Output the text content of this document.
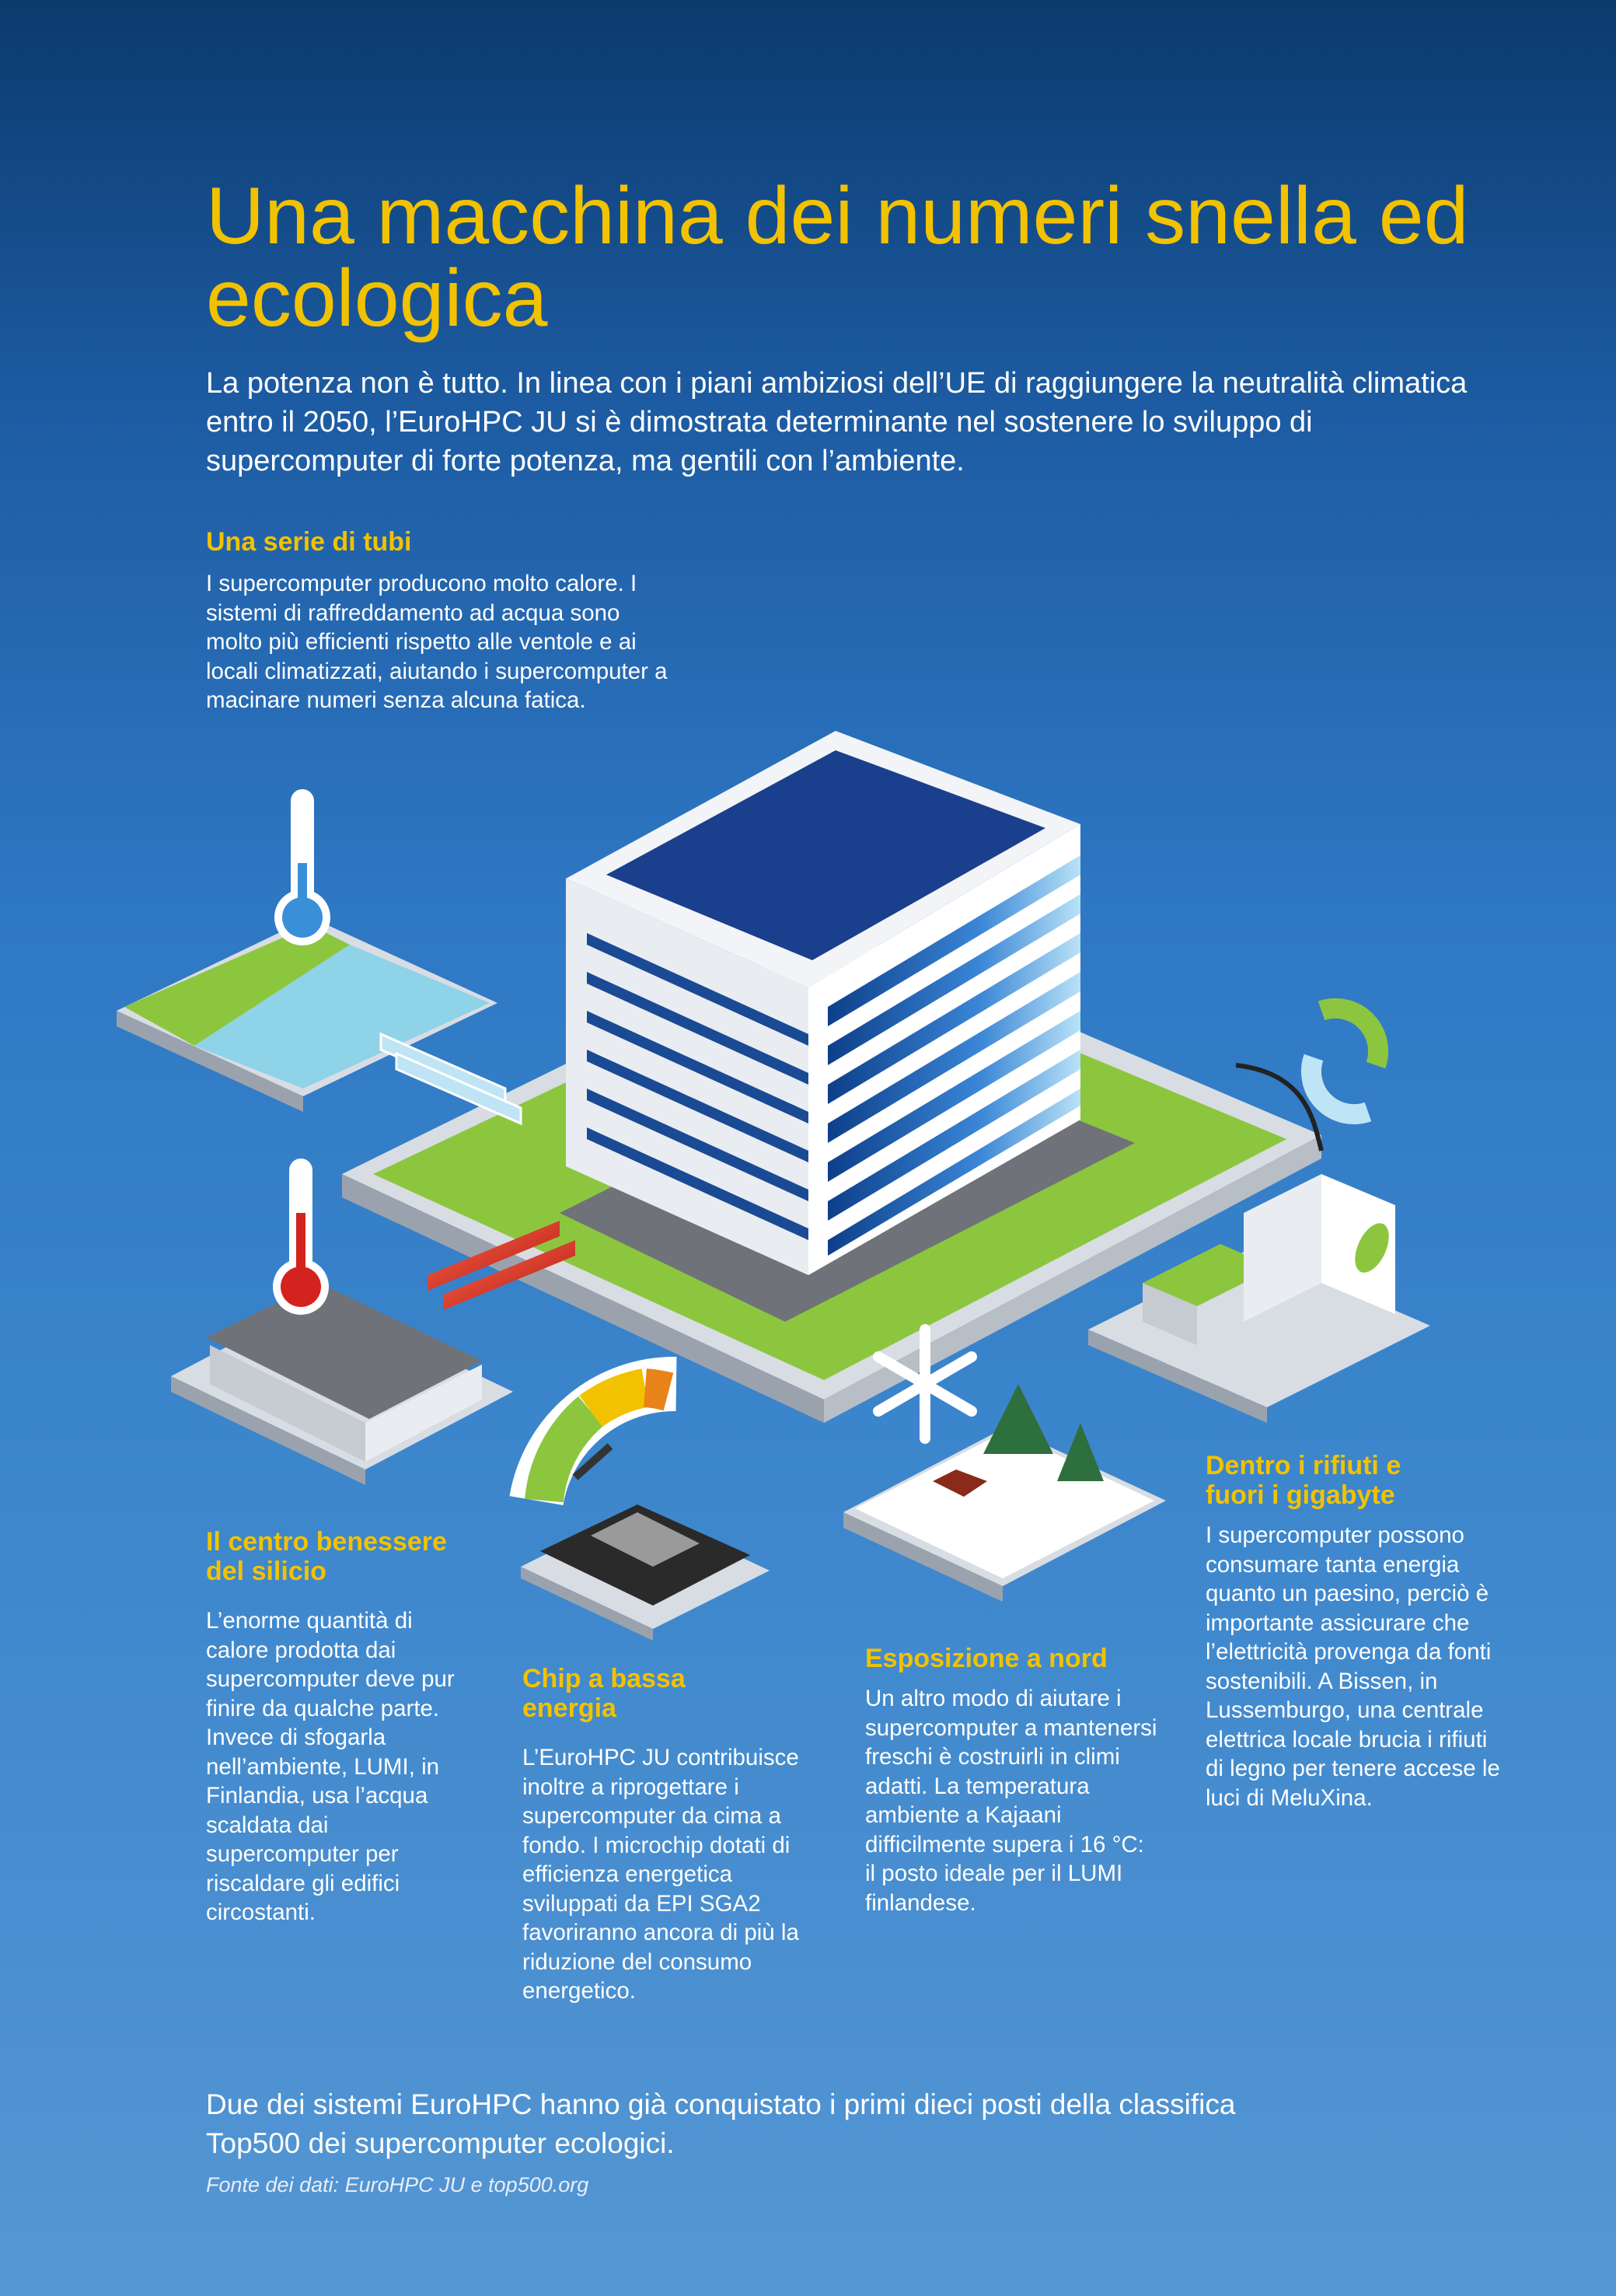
Una macchina dei numeri snella ed ecologica
La potenza non è tutto. In linea con i piani ambiziosi dell’UE di raggiungere la neutralità climatica entro il 2050, l’EuroHPC JU si è dimostrata determinante nel sostenere lo sviluppo di supercomputer di forte potenza, ma gentili con l’ambiente.
Una serie di tubi
I supercomputer producono molto calore. I sistemi di raffreddamento ad acqua sono molto più efficienti rispetto alle ventole e ai locali climatizzati, aiutando i supercomputer a macinare numeri senza alcuna fatica.
Il centro benessere del silicio
L’enorme quantità di calore prodotta dai supercomputer deve pur finire da qualche parte. Invece di sfogarla nell’ambiente, LUMI, in Finlandia, usa l’acqua scaldata dai supercomputer per riscaldare gli edifici circostanti.
Chip a bassa energia
L’EuroHPC JU contribuisce inoltre a riprogettare i supercomputer da cima a fondo. I microchip dotati di efficienza energetica sviluppati da EPI SGA2 favoriranno ancora di più la riduzione del consumo energetico.
Esposizione a nord
Un altro modo di aiutare i supercomputer a mantenersi freschi è costruirli in climi adatti. La temperatura ambiente a Kajaani difficilmente supera i 16 °C: il posto ideale per il LUMI finlandese.
Dentro i rifiuti e fuori i gigabyte
I supercomputer possono consumare tanta energia quanto un paesino, perciò è importante assicurare che l’elettricità provenga da fonti sostenibili. A Bissen, in Lussemburgo, una centrale elettrica locale brucia i rifiuti di legno per tenere accese le luci di MeluXina.
Due dei sistemi EuroHPC hanno già conquistato i primi dieci posti della classifica Top500 dei supercomputer ecologici.
Fonte dei dati: EuroHPC JU e top500.org
